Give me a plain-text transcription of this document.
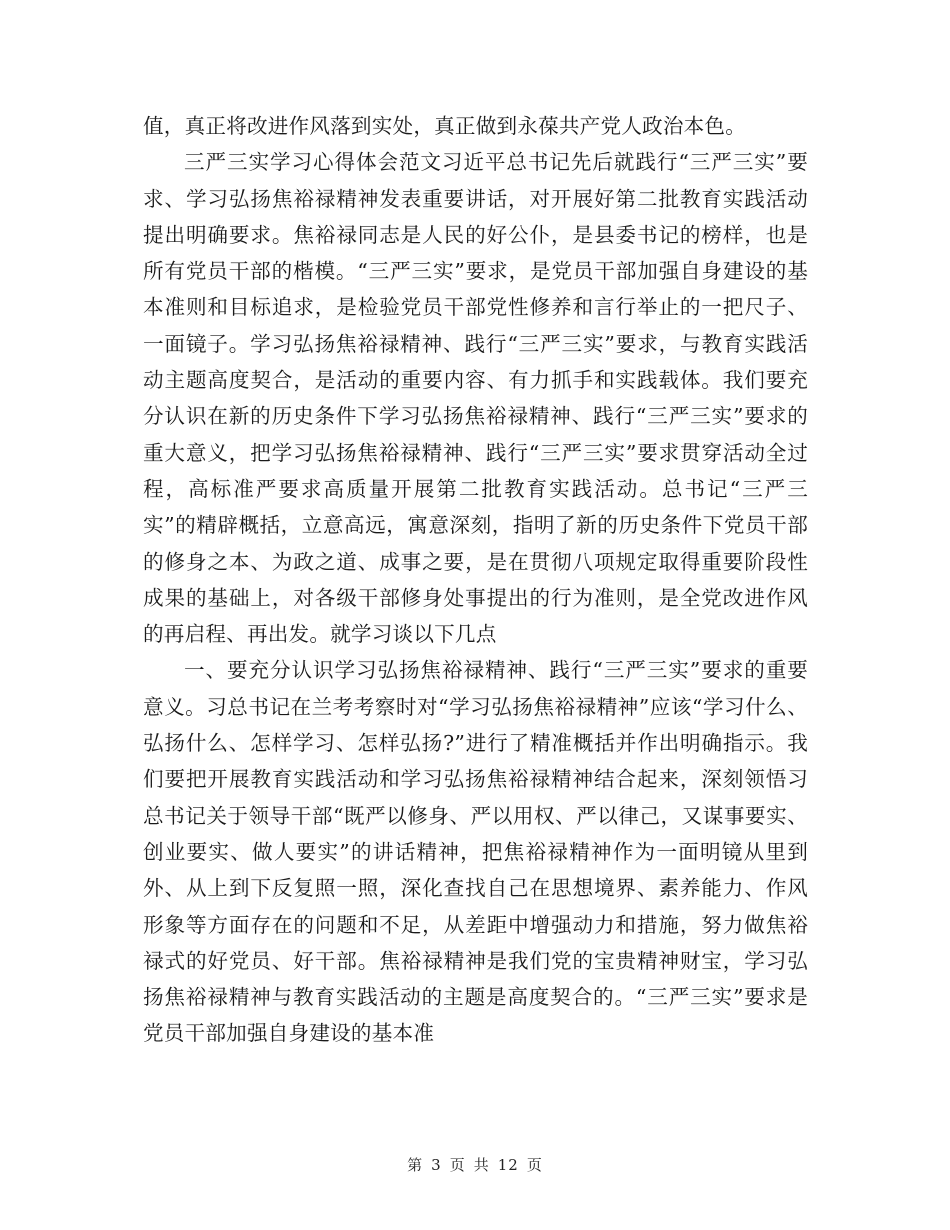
值，真正将改进作风落到实处，真正做到永葆共产党人政治本色。

三严三实学习心得体会范文习近平总书记先后就践行“三严三实”要求、学习弘扬焦裕禄精神发表重要讲话，对开展好第二批教育实践活动提出明确要求。焦裕禄同志是人民的好公仆，是县委书记的榜样，也是所有党员干部的楷模。“三严三实”要求，是党员干部加强自身建设的基本准则和目标追求，是检验党员干部党性修养和言行举止的一把尺子、一面镜子。学习弘扬焦裕禄精神、践行“三严三实”要求，与教育实践活动主题高度契合，是活动的重要内容、有力抓手和实践载体。我们要充分认识在新的历史条件下学习弘扬焦裕禄精神、践行“三严三实”要求的重大意义，把学习弘扬焦裕禄精神、践行“三严三实”要求贯穿活动全过程，高标准严要求高质量开展第二批教育实践活动。总书记“三严三实”的精辟概括，立意高远，寓意深刻，指明了新的历史条件下党员干部的修身之本、为政之道、成事之要，是在贯彻八项规定取得重要阶段性成果的基础上，对各级干部修身处事提出的行为准则，是全党改进作风的再启程、再出发。就学习谈以下几点

一、要充分认识学习弘扬焦裕禄精神、践行“三严三实”要求的重要意义。习总书记在兰考考察时对“学习弘扬焦裕禄精神”应该“学习什么、弘扬什么、怎样学习、怎样弘扬?”进行了精准概括并作出明确指示。我们要把开展教育实践活动和学习弘扬焦裕禄精神结合起来，深刻领悟习总书记关于领导干部“既严以修身、严以用权、严以律己，又谋事要实、创业要实、做人要实”的讲话精神，把焦裕禄精神作为一面明镜从里到外、从上到下反复照一照，深化查找自己在思想境界、素养能力、作风形象等方面存在的问题和不足，从差距中增强动力和措施，努力做焦裕禄式的好党员、好干部。焦裕禄精神是我们党的宝贵精神财宝，学习弘扬焦裕禄精神与教育实践活动的主题是高度契合的。“三严三实”要求是党员干部加强自身建设的基本准

第 3 页 共 12 页
